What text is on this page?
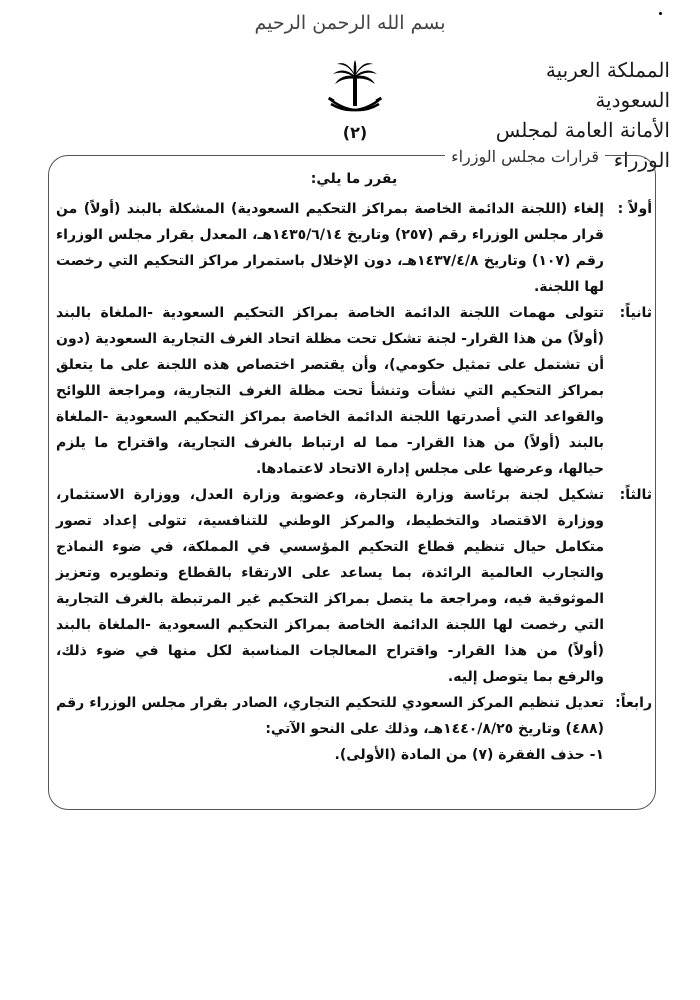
بسم الله الرحمن الرحيم
(٢)
المملكة العربية السعودية
الأمانة العامة لمجلس الوزراء
قرارات مجلس الوزراء
يقرر ما يلي:
أولاً :
إلغاء (اللجنة الدائمة الخاصة بمراكز التحكيم السعودية) المشكلة بالبند (أولاً) من قرار مجلس الوزراء رقم (٢٥٧) وتاريخ ١٤٣٥/٦/١٤هـ، المعدل بقرار مجلس الوزراء رقم (١٠٧) وتاريخ ١٤٣٧/٤/٨هـ، دون الإخلال باستمرار مراكز التحكيم التي رخصت لها اللجنة.
ثانياً:
تتولى مهمات اللجنة الدائمة الخاصة بمراكز التحكيم السعودية -الملغاة بالبند (أولاً) من هذا القرار- لجنة تشكل تحت مظلة اتحاد الغرف التجارية السعودية (دون أن تشتمل على تمثيل حكومي)، وأن يقتصر اختصاص هذه اللجنة على ما يتعلق بمراكز التحكيم التي نشأت وتنشأ تحت مظلة الغرف التجارية، ومراجعة اللوائح والقواعد التي أصدرتها اللجنة الدائمة الخاصة بمراكز التحكيم السعودية -الملغاة بالبند (أولاً) من هذا القرار- مما له ارتباط بالغرف التجارية، واقتراح ما يلزم حيالها، وعرضها على مجلس إدارة الاتحاد لاعتمادها.
ثالثاً:
تشكيل لجنة برئاسة وزارة التجارة، وعضوية وزارة العدل، ووزارة الاستثمار، ووزارة الاقتصاد والتخطيط، والمركز الوطني للتنافسية، تتولى إعداد تصور متكامل حيال تنظيم قطاع التحكيم المؤسسي في المملكة، في ضوء النماذج والتجارب العالمية الرائدة، بما يساعد على الارتقاء بالقطاع وتطويره وتعزيز الموثوقية فيه، ومراجعة ما يتصل بمراكز التحكيم غير المرتبطة بالغرف التجارية التي رخصت لها اللجنة الدائمة الخاصة بمراكز التحكيم السعودية -الملغاة بالبند (أولاً) من هذا القرار- واقتراح المعالجات المناسبة لكل منها في ضوء ذلك، والرفع بما يتوصل إليه.
رابعاً:
تعديل تنظيم المركز السعودي للتحكيم التجاري، الصادر بقرار مجلس الوزراء رقم (٤٨٨) وتاريخ ١٤٤٠/٨/٢٥هـ، وذلك على النحو الآتي:
١- حذف الفقرة (٧) من المادة (الأولى).
